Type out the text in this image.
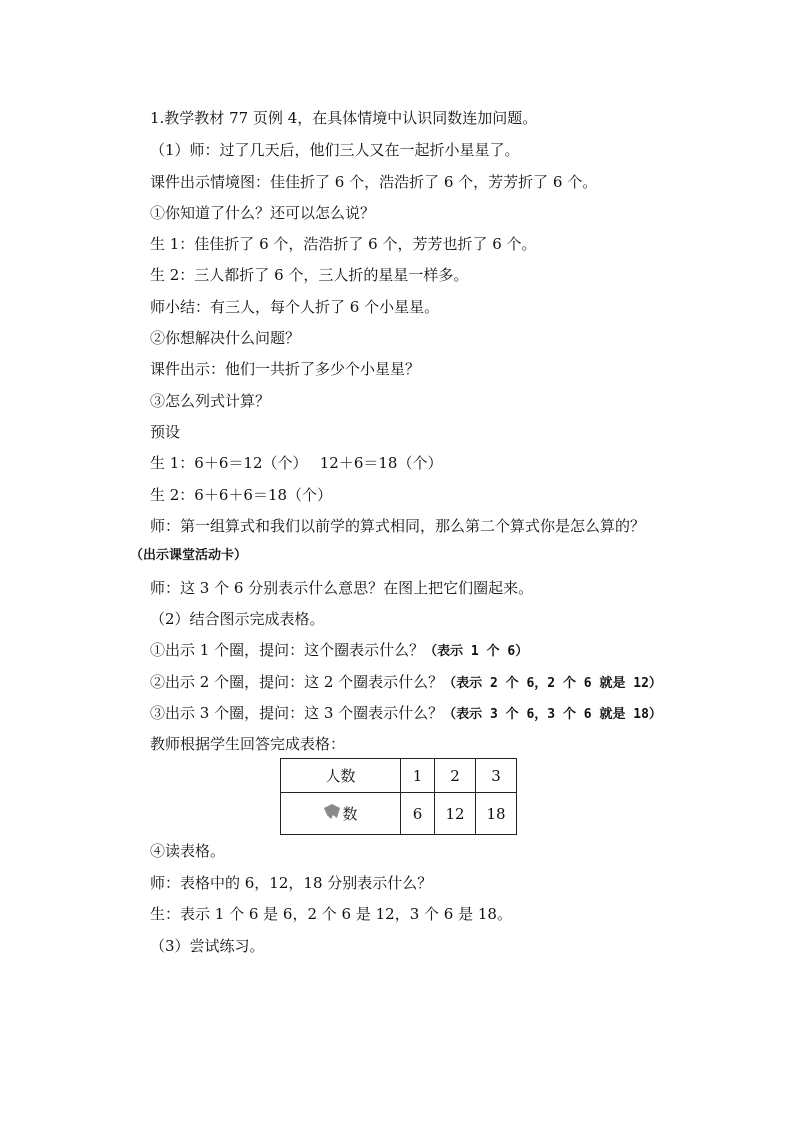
1.教学教材 77 页例 4，在具体情境中认识同数连加问题。
（1）师：过了几天后，他们三人又在一起折小星星了。
课件出示情境图：佳佳折了 6 个，浩浩折了 6 个，芳芳折了 6 个。
①你知道了什么？还可以怎么说？
生 1：佳佳折了 6 个，浩浩折了 6 个，芳芳也折了 6 个。
生 2：三人都折了 6 个，三人折的星星一样多。
师小结：有三人，每个人折了 6 个小星星。
②你想解决什么问题？
课件出示：他们一共折了多少个小星星？
③怎么列式计算？
预设
生 1：6＋6＝12（个）　 12＋6＝18（个）
生 2：6＋6＋6＝18（个）
师：第一组算式和我们以前学的算式相同，那么第二个算式你是怎么算的？
（出示课堂活动卡）
师：这 3 个 6 分别表示什么意思？在图上把它们圈起来。
（2）结合图示完成表格。
①出示 1 个圈，提问：这个圈表示什么？（表示 1 个 6）
②出示 2 个圈，提问：这 2 个圈表示什么？（表示 2 个 6，2 个 6 就是 12）
③出示 3 个圈，提问：这 3 个圈表示什么？（表示 3 个 6，3 个 6 就是 18）
教师根据学生回答完成表格：
人数	1	2	3
数	6	12	18
④读表格。
师：表格中的 6，12，18 分别表示什么？
生：表示 1 个 6 是 6，2 个 6 是 12，3 个 6 是 18。
（3）尝试练习。
